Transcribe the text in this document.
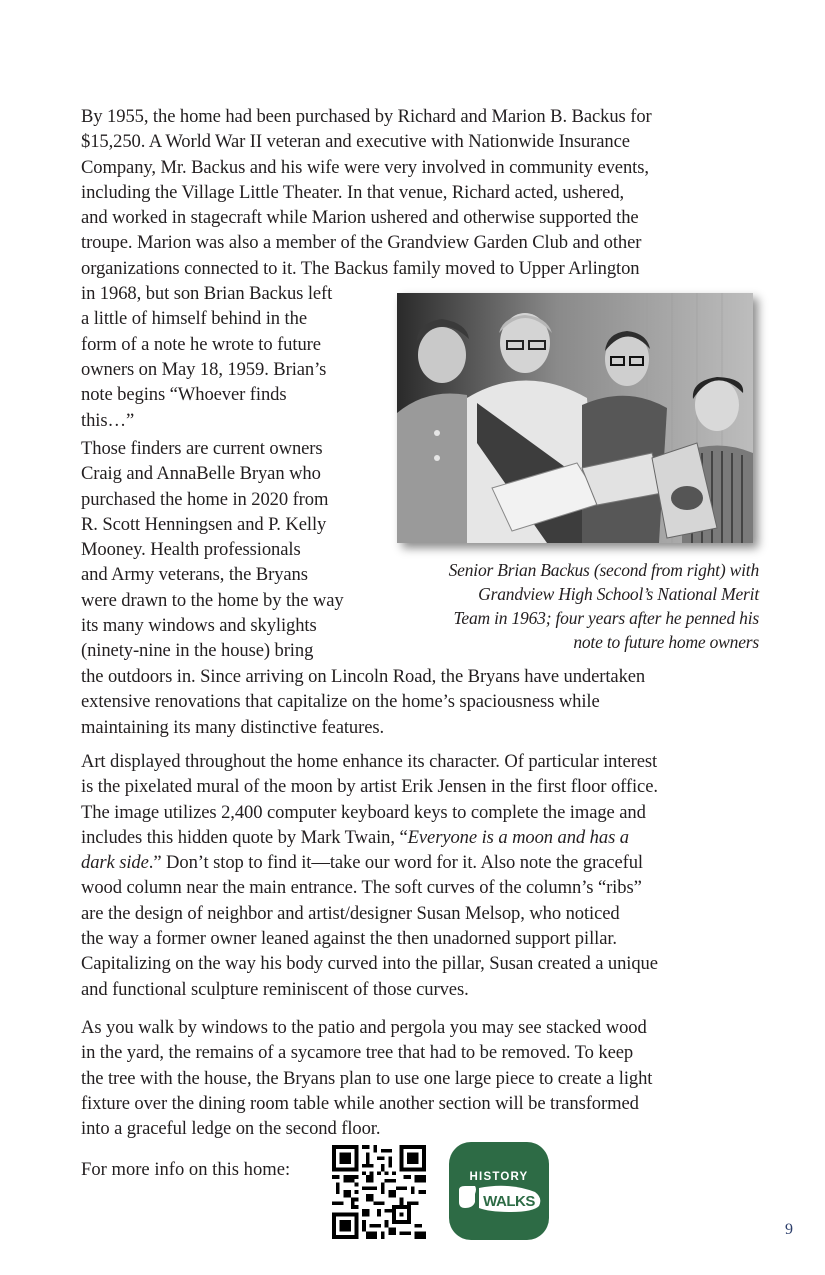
By 1955, the home had been purchased by Richard and Marion B. Backus for
$15,250. A World War II veteran and executive with Nationwide Insurance
Company, Mr. Backus and his wife were very involved in community events,
including the Village Little Theater. In that venue, Richard acted, ushered,
and worked in stagecraft while Marion ushered and otherwise supported the
troupe. Marion was also a member of the Grandview Garden Club and other
organizations connected to it. The Backus family moved to Upper Arlington
in 1968, but son Brian Backus left
a little of himself behind in the
form of a note he wrote to future
owners on May 18, 1959. Brian’s
note begins “Whoever finds
this…”
Those finders are current owners
Craig and AnnaBelle Bryan who
purchased the home in 2020 from
R. Scott Henningsen and P. Kelly
Mooney. Health professionals
and Army veterans, the Bryans
were drawn to the home by the way
its many windows and skylights
(ninety-nine in the house) bring
the outdoors in. Since arriving on Lincoln Road, the Bryans have undertaken
extensive renovations that capitalize on the home’s spaciousness while
maintaining its many distinctive features.
Art displayed throughout the home enhance its character. Of particular interest
is the pixelated mural of the moon by artist Erik Jensen in the first floor office.
The image utilizes 2,400 computer keyboard keys to complete the image and
includes this hidden quote by Mark Twain, “Everyone is a moon and has a
dark side.” Don’t stop to find it—take our word for it. Also note the graceful
wood column near the main entrance. The soft curves of the column’s “ribs”
are the design of neighbor and artist/designer Susan Melsop, who noticed
the way a former owner leaned against the then unadorned support pillar.
Capitalizing on the way his body curved into the pillar, Susan created a unique
and functional sculpture reminiscent of those curves.
As you walk by windows to the patio and pergola you may see stacked wood
in the yard, the remains of a sycamore tree that had to be removed. To keep
the tree with the house, the Bryans plan to use one large piece to create a light
fixture over the dining room table while another section will be transformed
into a graceful ledge on the second floor.
Senior Brian Backus (second from right) with
Grandview High School’s National Merit
Team in 1963; four years after he penned his
note to future home owners
For more info on this home:	HISTORY
WALKS
9
